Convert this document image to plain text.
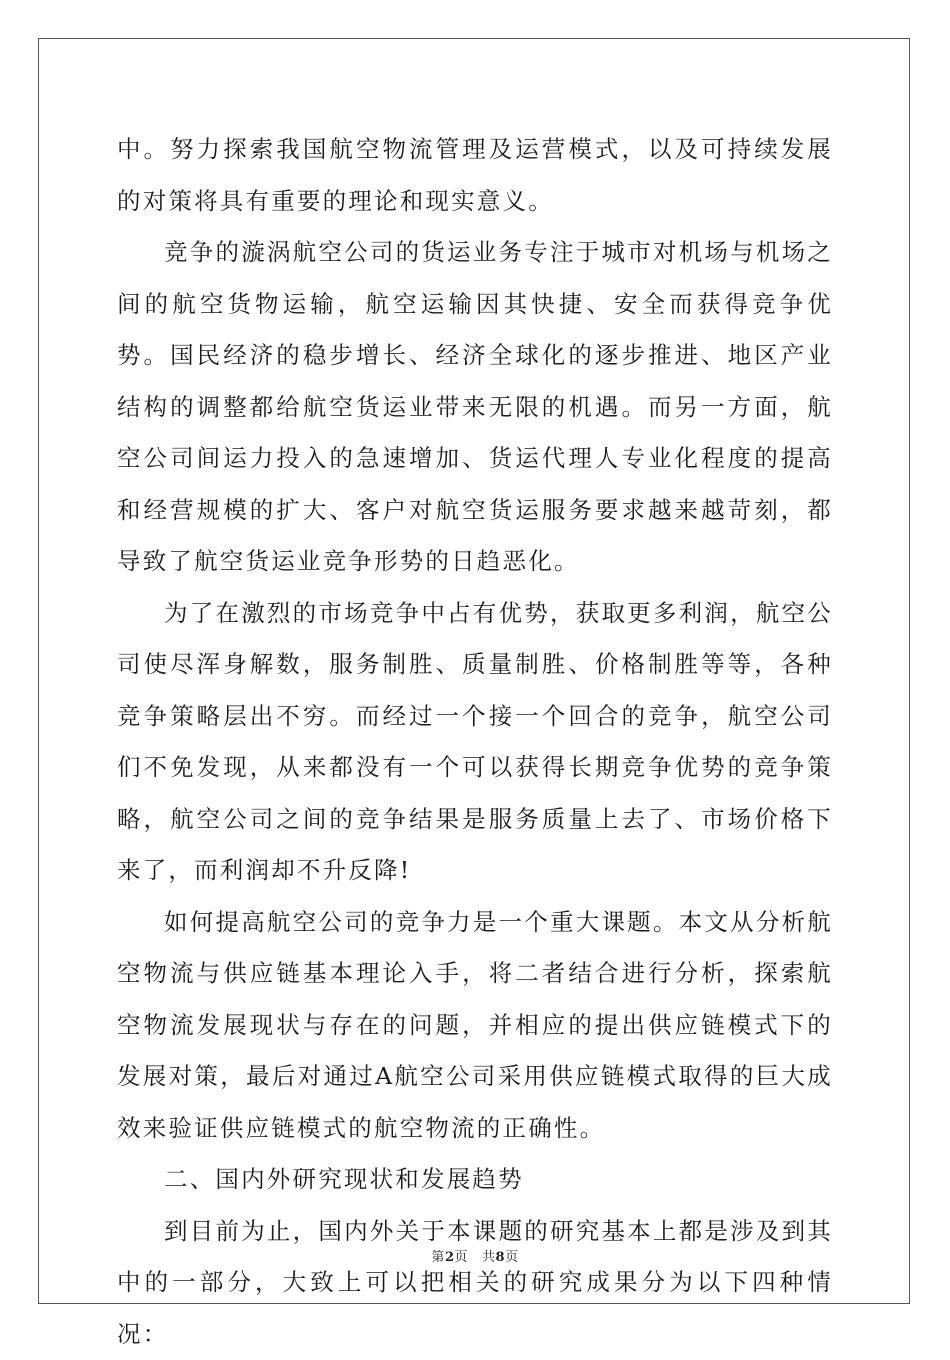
中。努力探索我国航空物流管理及运营模式，以及可持续发展的对策将具有重要的理论和现实意义。

竞争的漩涡航空公司的货运业务专注于城市对机场与机场之间的航空货物运输，航空运输因其快捷、安全而获得竞争优势。国民经济的稳步增长、经济全球化的逐步推进、地区产业结构的调整都给航空货运业带来无限的机遇。而另一方面，航空公司间运力投入的急速增加、货运代理人专业化程度的提高和经营规模的扩大、客户对航空货运服务要求越来越苛刻，都导致了航空货运业竞争形势的日趋恶化。

为了在激烈的市场竞争中占有优势，获取更多利润，航空公司使尽浑身解数，服务制胜、质量制胜、价格制胜等等，各种竞争策略层出不穷。而经过一个接一个回合的竞争，航空公司们不免发现，从来都没有一个可以获得长期竞争优势的竞争策略，航空公司之间的竞争结果是服务质量上去了、市场价格下来了，而利润却不升反降!

如何提高航空公司的竞争力是一个重大课题。本文从分析航空物流与供应链基本理论入手，将二者结合进行分析，探索航空物流发展现状与存在的问题，并相应的提出供应链模式下的发展对策，最后对通过A航空公司采用供应链模式取得的巨大成效来验证供应链模式的航空物流的正确性。

二、国内外研究现状和发展趋势

到目前为止，国内外关于本课题的研究基本上都是涉及到其中的一部分，大致上可以把相关的研究成果分为以下四种情况：

第2页 共8页
